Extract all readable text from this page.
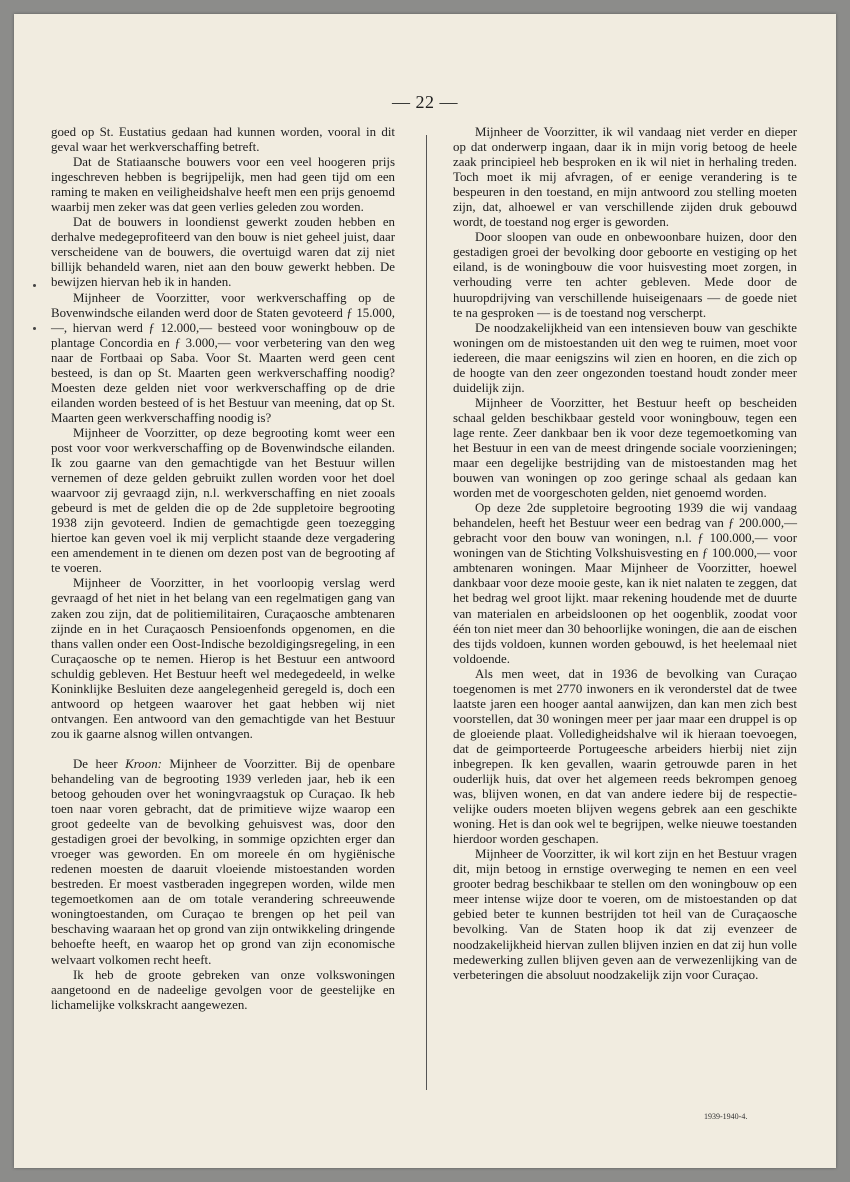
— 22 —

goed op St. Eustatius gedaan had kunnen worden, vooral in dit geval waar het werkverschaffing betreft.

Dat de Statiaansche bouwers voor een veel hoogeren prijs ingeschreven hebben is begrijpelijk, men had geen tijd om een raming te maken en veiligheidshalve heeft men een prijs genoemd waarbij men zeker was dat geen verlies geleden zou worden.

Dat de bouwers in loondienst gewerkt zouden hebben en derhalve medegeprofiteerd van den bouw is niet geheel juist, daar verscheidene van de bouwers, die overtuigd waren dat zij niet billijk behandeld waren, niet aan den bouw gewerkt hebben. De bewijzen hiervan heb ik in handen.

Mijnheer de Voorzitter, voor werkverschaffing op de Bovenwindsche eilanden werd door de Staten gevoteerd ƒ 15.000,—, hiervan werd ƒ 12.000,— besteed voor woningbouw op de plantage Concordia en ƒ 3.000,— voor verbetering van den weg naar de Fortbaai op Saba. Voor St. Maarten werd geen cent besteed, is dan op St. Maarten geen werkverschaffing noodig? Moesten deze gelden niet voor werkverschaffing op de drie eilanden worden besteed of is het Bestuur van meening, dat op St. Maarten geen werkverschaffing noodig is?

Mijnheer de Voorzitter, op deze begrooting komt weer een post voor voor werkverschaffing op de Bovenwindsche eilanden. Ik zou gaarne van den gemachtigde van het Bestuur willen vernemen of deze gelden gebruikt zullen worden voor het doel waarvoor zij gevraagd zijn, n.l. werkverschaffing en niet zooals gebeurd is met de gelden die op de 2de suppletoire begrooting 1938 zijn gevoteerd. Indien de gemachtigde geen toezegging hiertoe kan geven voel ik mij verplicht staande deze vergadering een amendement in te dienen om dezen post van de begrooting af te voeren.

Mijnheer de Voorzitter, in het voorloopig verslag werd gevraagd of het niet in het belang van een regelmatigen gang van zaken zou zijn, dat de politiemilitairen, Curaçaosche ambtenaren zijnde en in het Curaçaosch Pensioenfonds opgenomen, en die thans vallen onder een Oost-Indische bezoldigingsregeling, in een Curaçaosche op te nemen. Hierop is het Bestuur een antwoord schuldig gebleven. Het Bestuur heeft wel medegedeeld, in welke Koninklijke Besluiten deze aangelegenheid geregeld is, doch een antwoord op hetgeen waarover het gaat hebben wij niet ontvangen. Een antwoord van den gemachtigde van het Bestuur zou ik gaarne alsnog willen ontvangen.

De heer Kroon: Mijnheer de Voorzitter. Bij de openbare behandeling van de begrooting 1939 verleden jaar, heb ik een betoog gehouden over het woningvraagstuk op Curaçao. Ik heb toen naar voren gebracht, dat de primitieve wijze waarop een groot gedeelte van de bevolking gehuisvest was, door den gestadigen groei der bevolking, in sommige opzichten erger dan vroeger was geworden. En om moreele én om hygiënische redenen moesten de daaruit vloeiende mistoestanden worden bestreden. Er moest vastberaden ingegrepen worden, wilde men tegemoetkomen aan de om totale verandering schreeuwende woningtoestanden, om Curaçao te brengen op het peil van beschaving waaraan het op grond van zijn ontwikkeling dringende behoefte heeft, en waarop het op grond van zijn economische welvaart volkomen recht heeft.

Ik heb de groote gebreken van onze volkswoningen aangetoond en de nadeelige gevolgen voor de geestelijke en lichamelijke volkskracht aangewezen.

Mijnheer de Voorzitter, ik wil vandaag niet verder en dieper op dat onderwerp ingaan, daar ik in mijn vorig betoog de heele zaak principieel heb besproken en ik wil niet in herhaling treden. Toch moet ik mij afvragen, of er eenige verandering is te bespeuren in den toestand, en mijn antwoord zou stelling moeten zijn, dat, alhoewel er van verschillende zijden druk gebouwd wordt, de toestand nog erger is geworden.

Door sloopen van oude en onbewoonbare huizen, door den gestadigen groei der bevolking door geboorte en vestiging op het eiland, is de woningbouw die voor huisvesting moet zorgen, in verhouding verre ten achter gebleven. Mede door de huuropdrijving van verschillende huiseigenaars — de goede niet te na gesproken — is de toestand nog verscherpt.

De noodzakelijkheid van een intensieven bouw van geschikte woningen om de mistoestanden uit den weg te ruimen, moet voor iedereen, die maar eenigszins wil zien en hooren, en die zich op de hoogte van den zeer ongezonden toestand houdt zonder meer duidelijk zijn.

Mijnheer de Voorzitter, het Bestuur heeft op bescheiden schaal gelden beschikbaar gesteld voor woningbouw, tegen een lage rente. Zeer dankbaar ben ik voor deze tegemoetkoming van het Bestuur in een van de meest dringende sociale voorzieningen; maar een degelijke bestrijding van de mistoestanden mag het bouwen van woningen op zoo geringe schaal als gedaan kan worden met de voorgeschoten gelden, niet genoemd worden.

Op deze 2de suppletoire begrooting 1939 die wij vandaag behandelen, heeft het Bestuur weer een bedrag van ƒ 200.000,— gebracht voor den bouw van woningen, n.l. ƒ 100.000,— voor woningen van de Stichting Volkshuisvesting en ƒ 100.000,— voor ambtenaren woningen. Maar Mijnheer de Voorzitter, hoewel dankbaar voor deze mooie geste, kan ik niet nalaten te zeggen, dat het bedrag wel groot lijkt. maar rekening houdende met de duurte van materialen en arbeidsloonen op het oogenblik, zoodat voor één ton niet meer dan 30 behoorlijke woningen, die aan de eischen des tijds voldoen, kunnen worden gebouwd, is het heelemaal niet voldoende.

Als men weet, dat in 1936 de bevolking van Curaçao toegenomen is met 2770 inwoners en ik veronderstel dat de twee laatste jaren een hooger aantal aanwijzen, dan kan men zich best voorstellen, dat 30 woningen meer per jaar maar een druppel is op de gloeiende plaat. Volledigheidshalve wil ik hieraan toevoegen, dat de geimporteerde Portugeesche arbeiders hierbij niet zijn inbegrepen. Ik ken gevallen, waarin getrouwde paren in het ouderlijk huis, dat over het algemeen reeds bekrompen genoeg was, blijven wonen, en dat van andere iedere bij de respectievelijke ouders moeten blijven wegens gebrek aan een geschikte woning. Het is dan ook wel te begrijpen, welke nieuwe toestanden hierdoor worden geschapen.

Mijnheer de Voorzitter, ik wil kort zijn en het Bestuur vragen dit, mijn betoog in ernstige overweging te nemen en een veel grooter bedrag beschikbaar te stellen om den woningbouw op een meer intense wijze door te voeren, om de mistoestanden op dat gebied beter te kunnen bestrijden tot heil van de Curaçaosche bevolking. Van de Staten hoop ik dat zij evenzeer de noodzakelijkheid hiervan zullen blijven inzien en dat zij hun volle medewerking zullen blijven geven aan de verwezenlijking van de verbeteringen die absoluut noodzakelijk zijn voor Curaçao.

1939-1940-4.
